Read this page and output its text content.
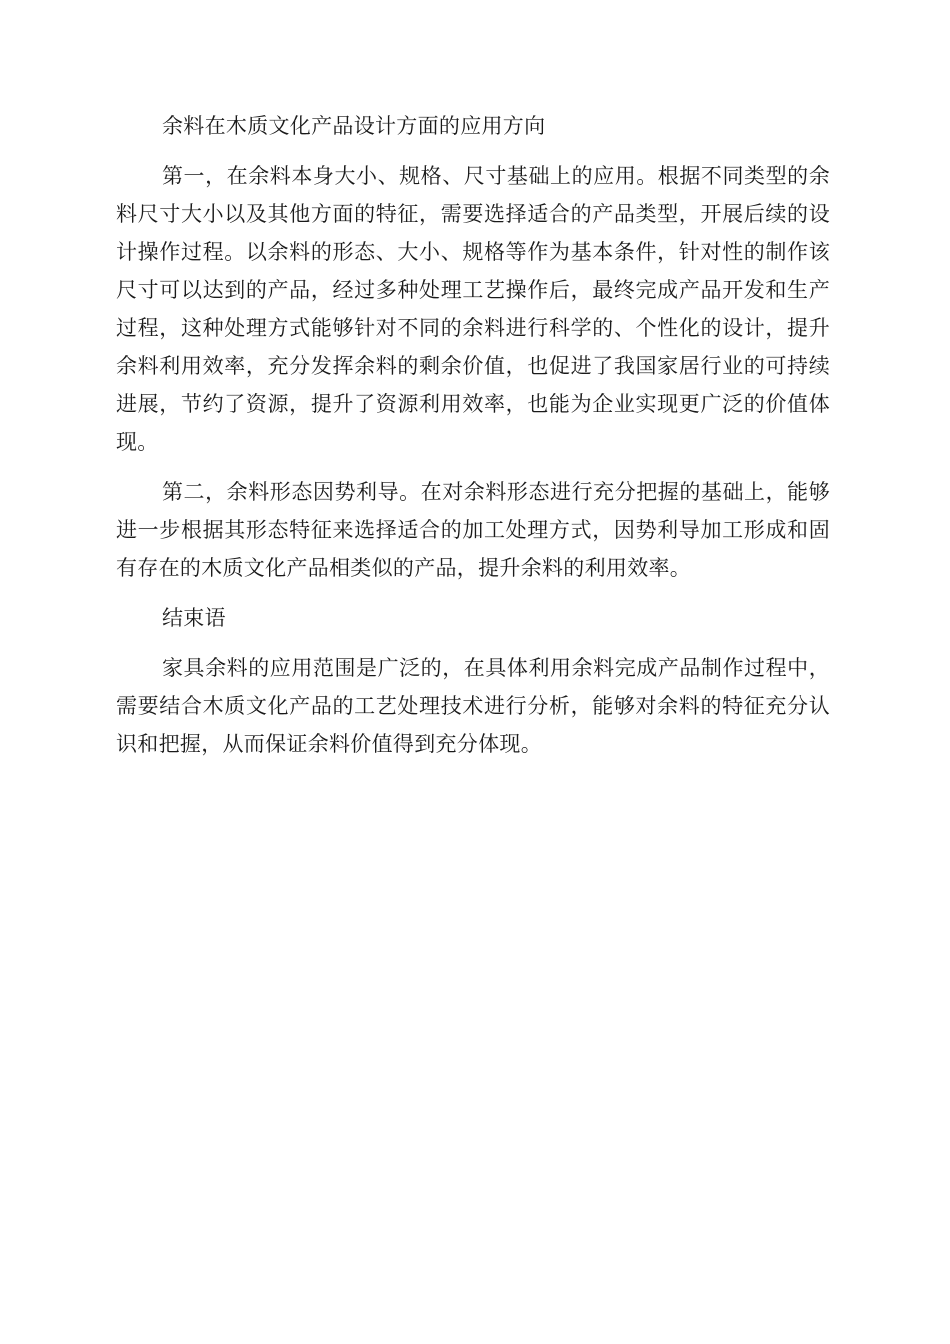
余料在木质文化产品设计方面的应用方向

第一，在余料本身大小、规格、尺寸基础上的应用。根据不同类型的余料尺寸大小以及其他方面的特征，需要选择适合的产品类型，开展后续的设计操作过程。以余料的形态、大小、规格等作为基本条件，针对性的制作该尺寸可以达到的产品，经过多种处理工艺操作后，最终完成产品开发和生产过程，这种处理方式能够针对不同的余料进行科学的、个性化的设计，提升余料利用效率，充分发挥余料的剩余价值，也促进了我国家居行业的可持续进展，节约了资源，提升了资源利用效率，也能为企业实现更广泛的价值体现。

第二，余料形态因势利导。在对余料形态进行充分把握的基础上，能够进一步根据其形态特征来选择适合的加工处理方式，因势利导加工形成和固有存在的木质文化产品相类似的产品，提升余料的利用效率。

结束语

家具余料的应用范围是广泛的，在具体利用余料完成产品制作过程中，需要结合木质文化产品的工艺处理技术进行分析，能够对余料的特征充分认识和把握，从而保证余料价值得到充分体现。
